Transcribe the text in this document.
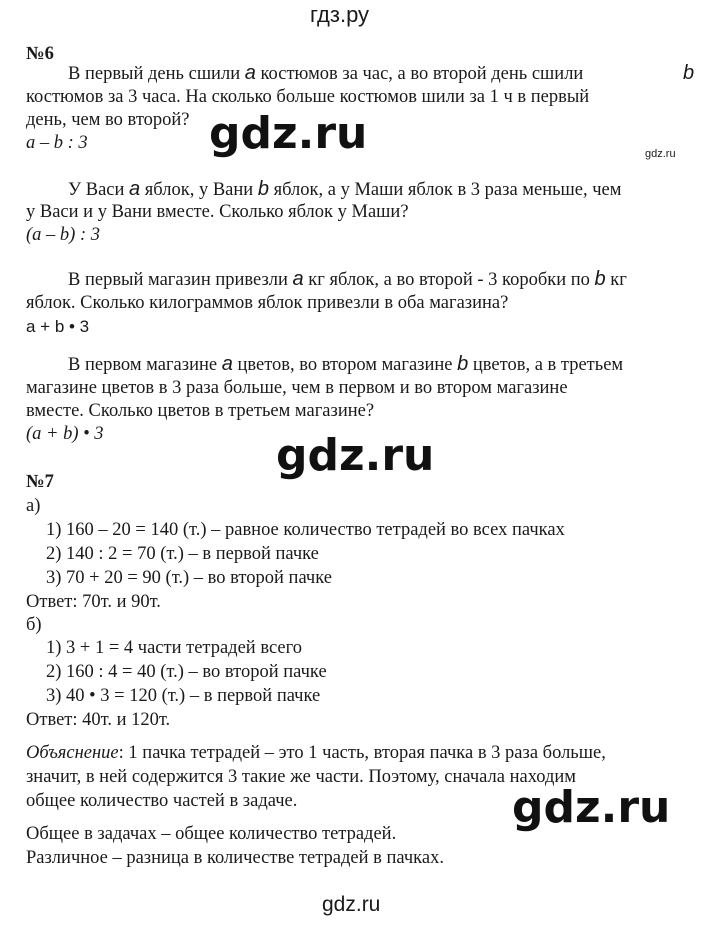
гдз.ру
№6
В первый день сшили a костюмов за час, а во второй день сшили	b
костюмов за 3 часа. На сколько больше костюмов шили за 1 ч в первый
день, чем во второй?
a – b : 3	gdz.ru	gdz.ru
У Васи a яблок, у Вани b яблок, а у Маши яблок в 3 раза меньше, чем
у Васи и у Вани вместе. Сколько яблок у Маши?
(a – b) : 3
В первый магазин привезли a кг яблок, а во второй - 3 коробки по b кг
яблок. Сколько килограммов яблок привезли в оба магазина?
a + b • 3
В первом магазине a цветов, во втором магазине b цветов, а в третьем
магазине цветов в 3 раза больше, чем в первом и во втором магазине
вместе. Сколько цветов в третьем магазине?
(a + b) • 3	gdz.ru
№7
а)
1) 160 – 20 = 140 (т.) – равное количество тетрадей во всех пачках
2) 140 : 2 = 70 (т.) – в первой пачке
3) 70 + 20 = 90 (т.) – во второй пачке
Ответ: 70т. и 90т.
б)
1) 3 + 1 = 4 части тетрадей всего
2) 160 : 4 = 40 (т.) – во второй пачке
3) 40 • 3 = 120 (т.) – в первой пачке
Ответ: 40т. и 120т.
Объяснение: 1 пачка тетрадей – это 1 часть, вторая пачка в 3 раза больше,
значит, в ней содержится 3 такие же части. Поэтому, сначала находим
общее количество частей в задаче.	gdz.ru
Общее в задачах – общее количество тетрадей.
Различное – разница в количестве тетрадей в пачках.
gdz.ru
